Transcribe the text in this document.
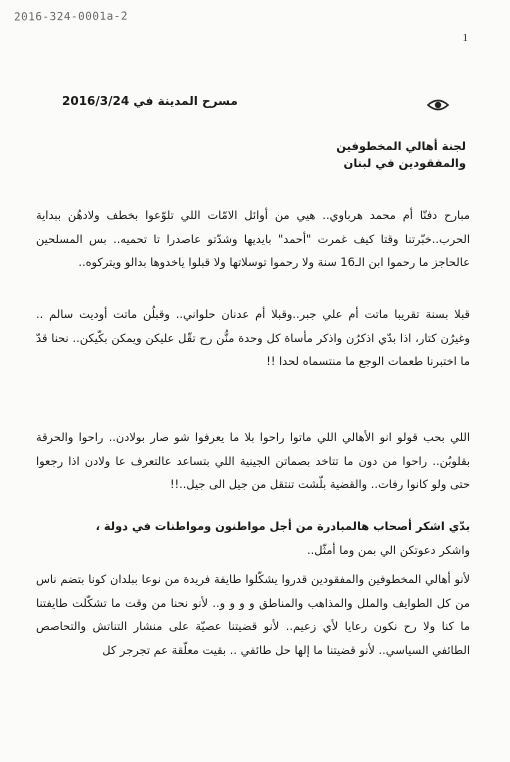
2016-324-0001a-2
1
مسرح المدينة في 2016/3/24
لجنة أهالي المخطوفين
والمفقودين في لبنان

مبارح دفنّا أم محمد هرباوي.. هيي من أوائل الامّات اللي تلوّعوا بخطف ولادهُن ببداية الحرب..خبّرتنا وقتا كيف غمرت "أحمد" بايديها وشدّتو عاصدرا تا تحميه.. بس المسلحين عالحاجز ما رحموا ابن الـ16 سنة ولا رحموا توسلاتها ولا قبلوا ياخدوها بدالو ويتركوه..

قبلا بسنة تقريبا ماتت أم علي جبر..وقبلا أم عدنان حلواني.. وقبلُن ماتت أوديت سالم .. وغيرُن كتار، اذا بدّي اذكرُن واذكر مأساة كل وحدة منُّن رح تقّل عليكن ويمكن بكّيكن.. نحنا قدّ ما اختبرنا طعمات الوجع ما منتسماه لحدا !!

اللي بحب قولو انو الأهالي اللي ماتوا راحوا بلا ما يعرفوا شو صار بولادن.. راحوا والحرقة بقلوبُن.. راحوا من دون ما تتاخد بصماتن الجينية اللي بتساعد عالتعرف عا ولادن اذا رجعوا حتى ولو كانوا رفات.. والقضية بلّشت تنتقل من جيل الى جيل..!!

بدّي اشكر أصحاب هالمبادرة من أجل مواطنون ومواطنات في دولة ،
واشكر دعوتكن الي بمن وما أمثّل..

لأنو أهالي المخطوفين والمفقودين قدروا يشكّلوا طايفة فريدة من نوعا ببلدان كونا بتضم ناس من كل الطوايف والملل والمذاهب والمناطق و و و و.. لأنو نحنا من وقت ما تشكّلت طايفتنا ما كنا ولا رح نكون رعايا لأي زعيم.. لأنو قضيتنا عصيّة على منشار التناتش والتحاصص الطائفي السياسي.. لأنو قضيتنا ما إلها حل طائفي .. بقيت معلّقة عم تجرجر كل
